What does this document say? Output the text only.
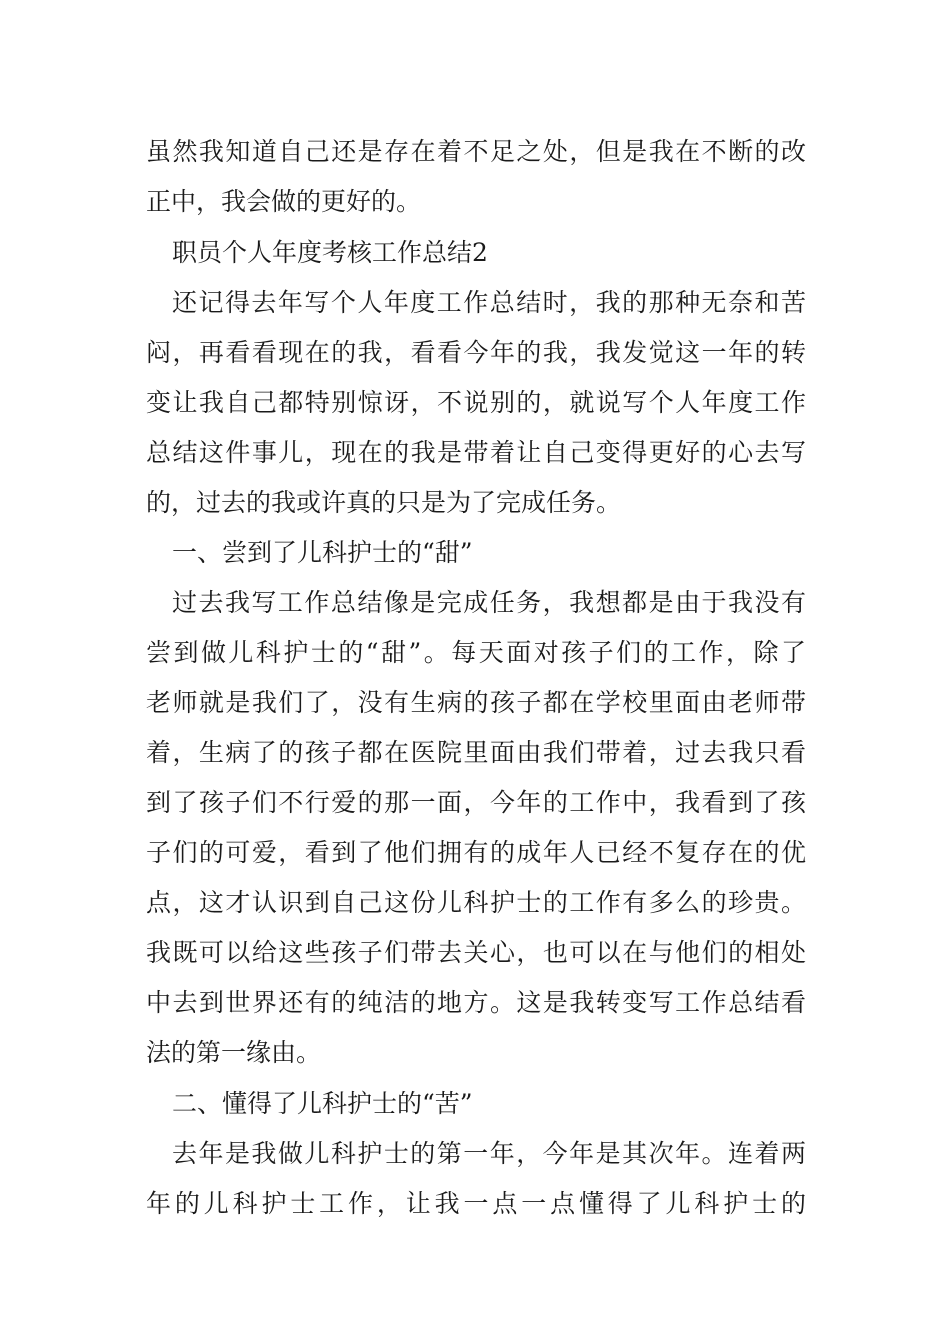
虽然我知道自己还是存在着不足之处，但是我在不断的改
正中，我会做的更好的。
职员个人年度考核工作总结2
还记得去年写个人年度工作总结时，我的那种无奈和苦
闷，再看看现在的我，看看今年的我，我发觉这一年的转
变让我自己都特别惊讶，不说别的，就说写个人年度工作
总结这件事儿，现在的我是带着让自己变得更好的心去写
的，过去的我或许真的只是为了完成任务。
一、尝到了儿科护士的“甜”
过去我写工作总结像是完成任务，我想都是由于我没有
尝到做儿科护士的“甜”。每天面对孩子们的工作，除了
老师就是我们了，没有生病的孩子都在学校里面由老师带
着，生病了的孩子都在医院里面由我们带着，过去我只看
到了孩子们不行爱的那一面，今年的工作中，我看到了孩
子们的可爱，看到了他们拥有的成年人已经不复存在的优
点，这才认识到自己这份儿科护士的工作有多么的珍贵。
我既可以给这些孩子们带去关心，也可以在与他们的相处
中去到世界还有的纯洁的地方。这是我转变写工作总结看
法的第一缘由。
二、懂得了儿科护士的“苦”
去年是我做儿科护士的第一年，今年是其次年。连着两
年的儿科护士工作，让我一点一点懂得了儿科护士的
